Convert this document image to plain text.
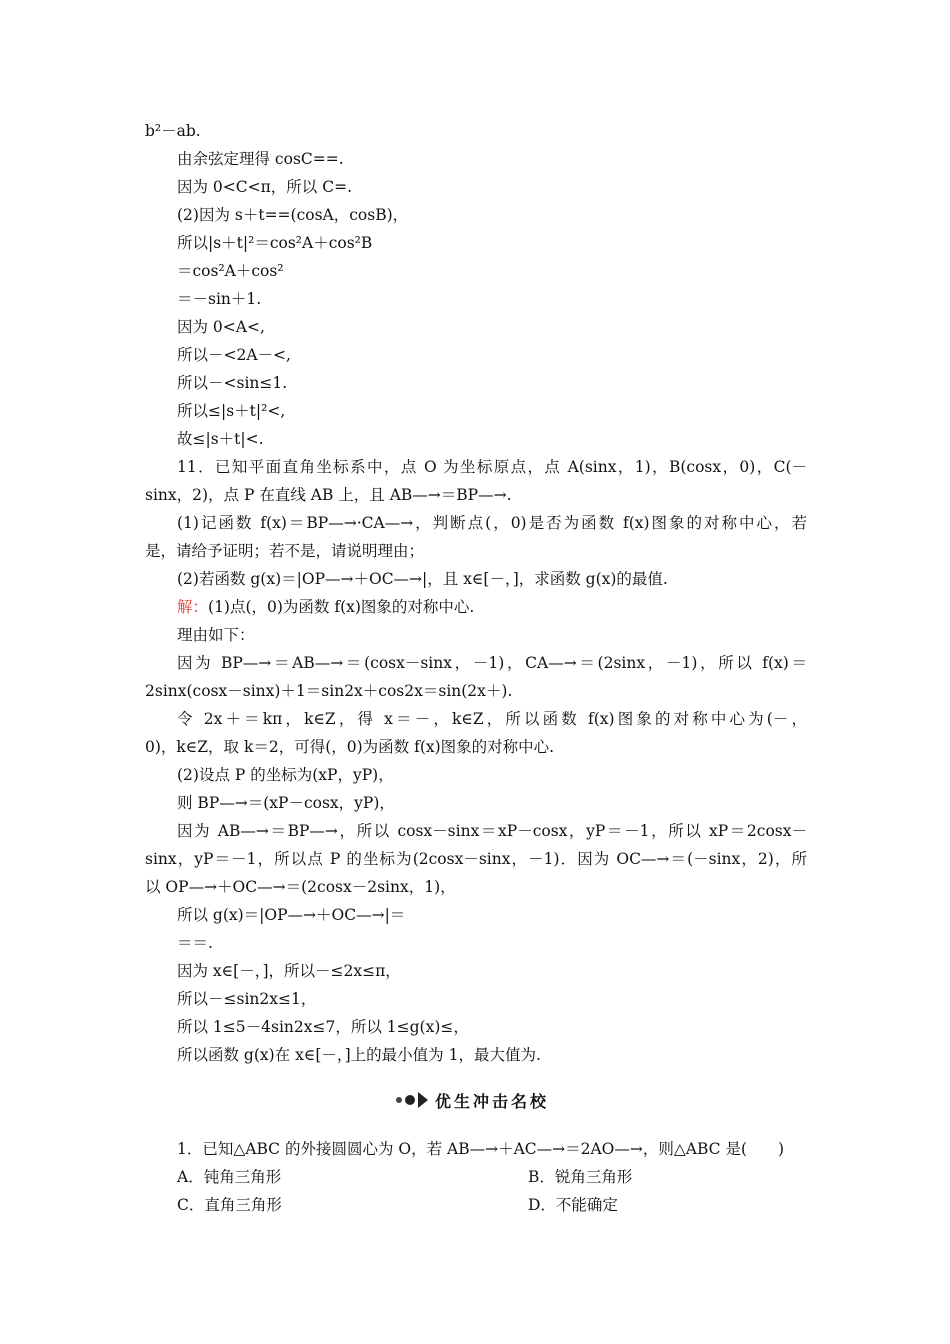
b²－ab.
由余弦定理得 cosC==.
因为 0<C<π，所以 C=.
(2)因为 s＋t==(cosA，cosB)，
所以|s＋t|²＝cos²A＋cos²B
＝cos²A＋cos²
＝－sin＋1.
因为 0<A<,
所以－<2A－<,
所以－<sin≤1.
所以≤|s＋t|²<,
故≤|s＋t|<.
11．已知平面直角坐标系中，点 O 为坐标原点，点 A(sinx，1)，B(cosx，0)，C(－
sinx，2)，点 P 在直线 AB 上，且 AB—→＝BP—→.
(1)记函数 f(x)＝BP—→·CA—→，判断点(，0)是否为函数 f(x)图象的对称中心，若
是，请给予证明；若不是，请说明理由；
(2)若函数 g(x)＝|OP—→＋OC—→|，且 x∈[－，]，求函数 g(x)的最值.
解：(1)点(，0)为函数 f(x)图象的对称中心.
理由如下：
因为 BP—→＝AB—→＝(cosx－sinx，－1)，CA—→＝(2sinx，－1)，所以 f(x)＝
2sinx(cosx－sinx)＋1＝sin2x＋cos2x＝sin(2x＋).
令 2x＋＝kπ，k∈Z，得 x＝－，k∈Z，所以函数 f(x)图象的对称中心为(－，
0)，k∈Z，取 k＝2，可得(，0)为函数 f(x)图象的对称中心.
(2)设点 P 的坐标为(xP，yP)，
则 BP—→＝(xP－cosx，yP)，
因为 AB—→＝BP—→，所以 cosx－sinx＝xP－cosx，yP＝－1，所以 xP＝2cosx－
sinx，yP＝－1，所以点 P 的坐标为(2cosx－sinx，－1)．因为 OC—→＝(－sinx，2)，所
以 OP—→＋OC—→＝(2cosx－2sinx，1)，
所以 g(x)＝|OP—→＋OC—→|＝
＝＝.
因为 x∈[－，]，所以－≤2x≤π，
所以－≤sin2x≤1，
所以 1≤5－4sin2x≤7，所以 1≤g(x)≤，
所以函数 g(x)在 x∈[－，]上的最小值为 1，最大值为.
优生冲击名校
1．已知△ABC 的外接圆圆心为 O，若 AB—→＋AC—→＝2AO—→，则△ABC 是(　　)
A．钝角三角形	B．锐角三角形
C．直角三角形	D．不能确定
